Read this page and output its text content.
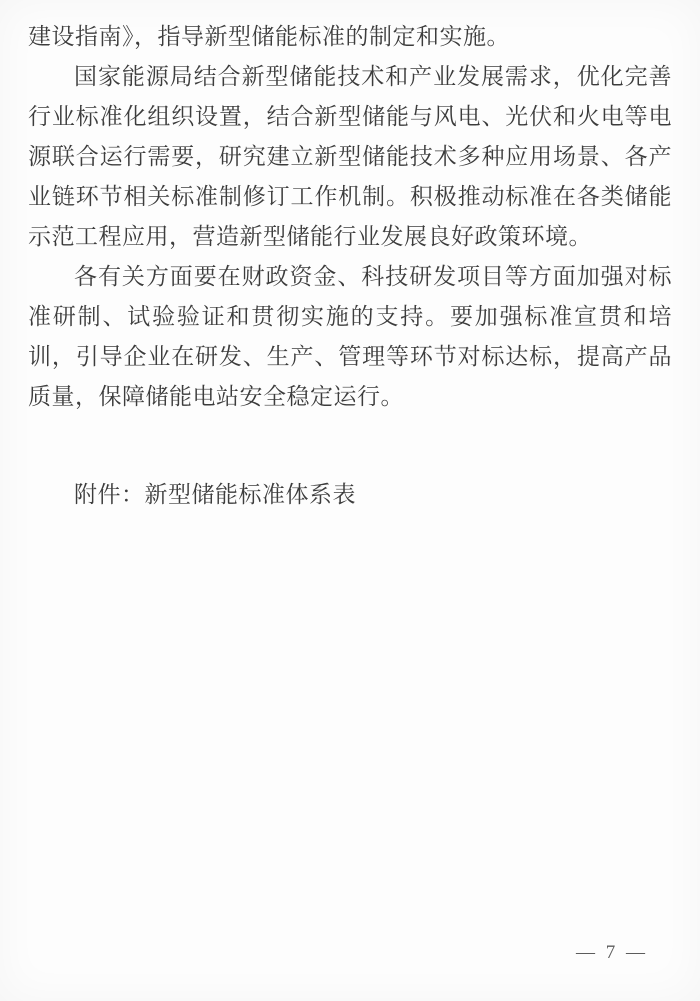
建设指南》，指导新型储能标准的制定和实施。

国家能源局结合新型储能技术和产业发展需求，优化完善行业标准化组织设置，结合新型储能与风电、光伏和火电等电源联合运行需要，研究建立新型储能技术多种应用场景、各产业链环节相关标准制修订工作机制。积极推动标准在各类储能示范工程应用，营造新型储能行业发展良好政策环境。

各有关方面要在财政资金、科技研发项目等方面加强对标准研制、试验验证和贯彻实施的支持。要加强标准宣贯和培训，引导企业在研发、生产、管理等环节对标达标，提高产品质量，保障储能电站安全稳定运行。

附件：新型储能标准体系表

— 7 —
